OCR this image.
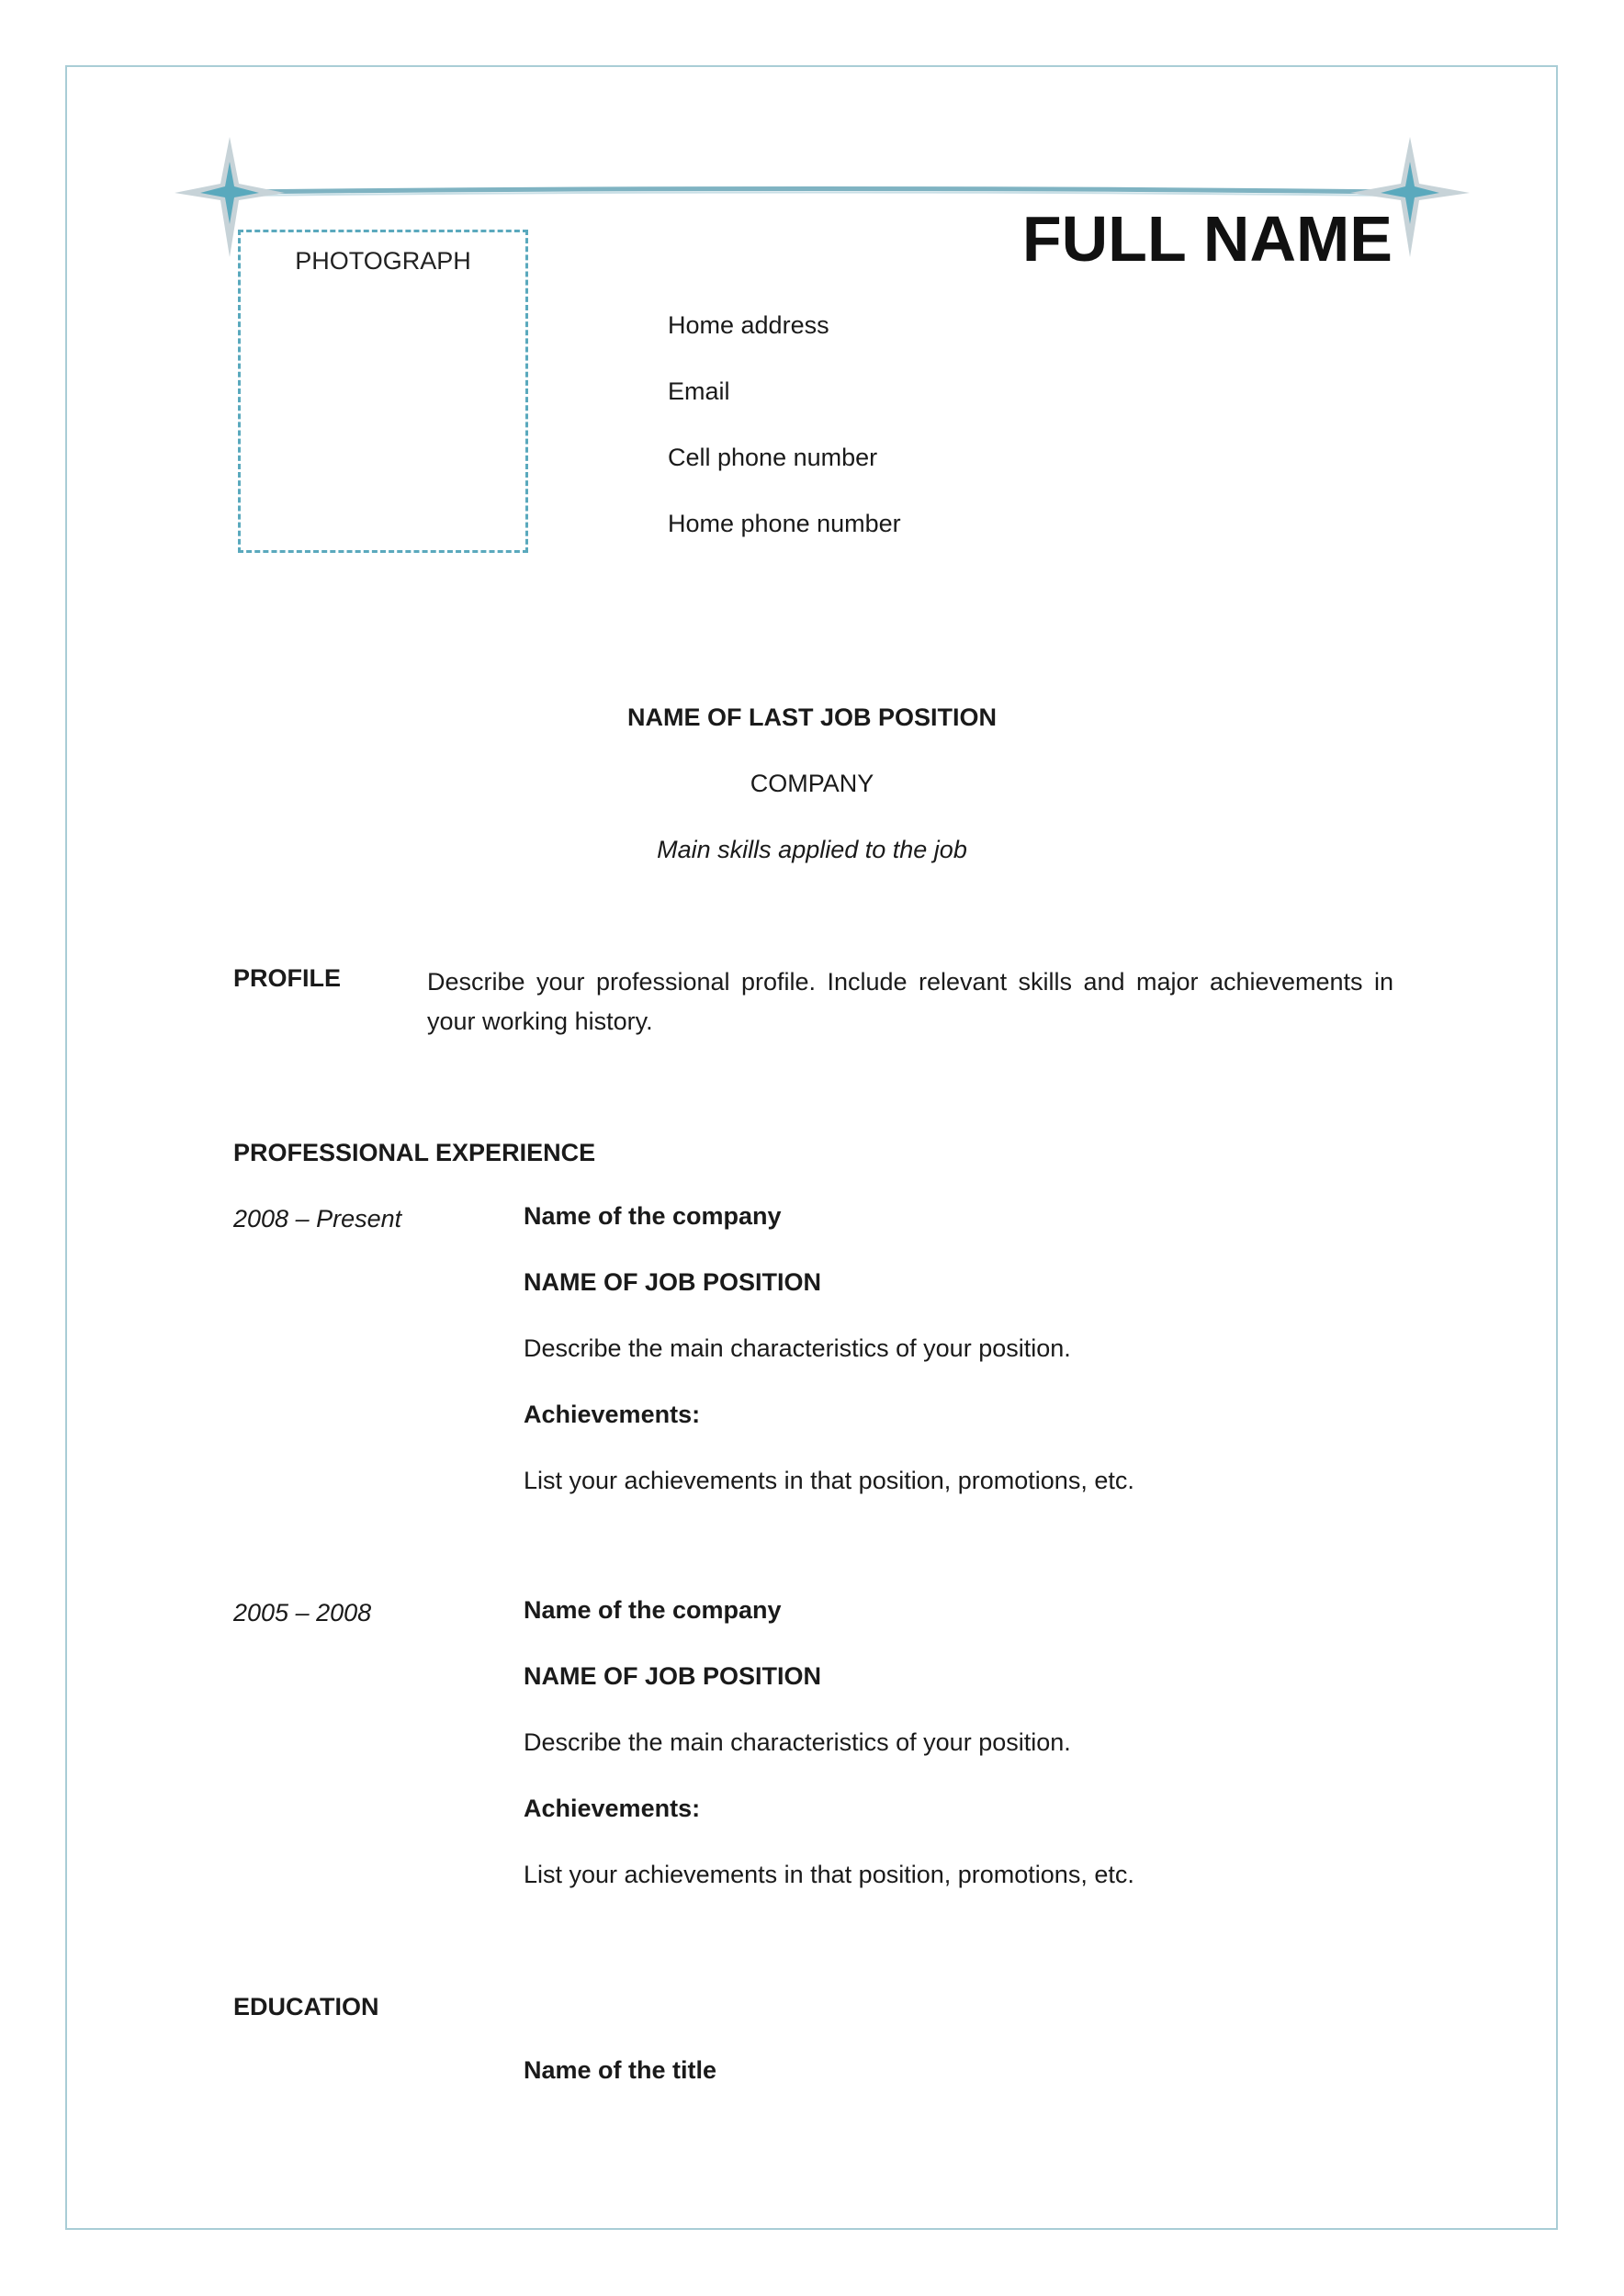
FULL NAME
PHOTOGRAPH
Home address
Email
Cell phone number
Home phone number
NAME OF LAST JOB POSITION
COMPANY
Main skills applied to the job
PROFILE	Describe your professional profile. Include relevant skills and major achievements in your working history.
PROFESSIONAL EXPERIENCE
2008 – Present	Name of the company
NAME OF JOB POSITION
Describe the main characteristics of your position.
Achievements:
List your achievements in that position, promotions, etc.
2005 – 2008	Name of the company
NAME OF JOB POSITION
Describe the main characteristics of your position.
Achievements:
List your achievements in that position, promotions, etc.
EDUCATION
Name of the title
